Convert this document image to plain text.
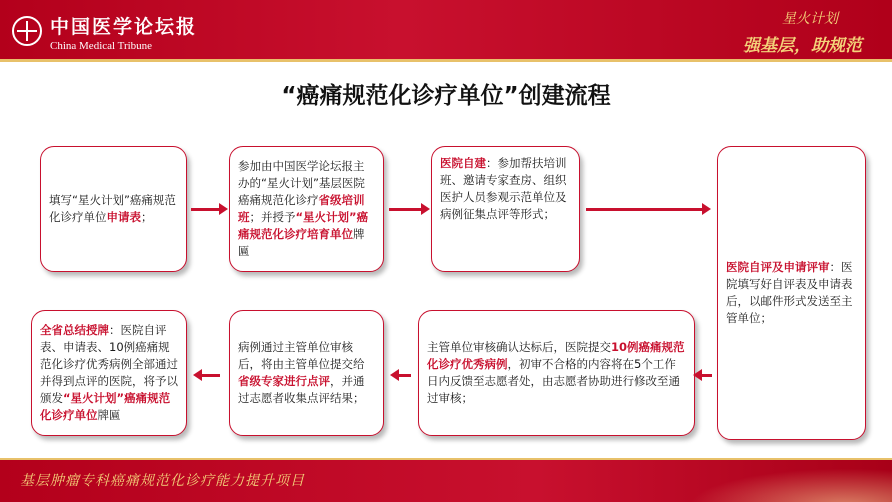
中国医学论坛报
China Medical Tribune
星火计划
强基层，助规范
“癌痛规范化诊疗单位”创建流程
填写“星火计划”癌痛规范化诊疗单位申请表；
参加由中国医学论坛报主办的“星火计划”基层医院癌痛规范化诊疗省级培训班；并授予“星火计划”癌痛规范化诊疗培育单位牌匾
医院自建：参加帮扶培训班、邀请专家查房、组织医护人员参观示范单位及病例征集点评等形式；
医院自评及申请评审：医院填写好自评表及申请表后，以邮件形式发送至主管单位；
主管单位审核确认达标后，医院提交10例癌痛规范化诊疗优秀病例，初审不合格的内容将在5个工作日内反馈至志愿者处，由志愿者协助进行修改至通过审核；
病例通过主管单位审核后，将由主管单位提交给省级专家进行点评，并通过志愿者收集点评结果；
全省总结授牌：医院自评表、申请表、10例癌痛规范化诊疗优秀病例全部通过并得到点评的医院，将予以颁发“星火计划”癌痛规范化诊疗单位牌匾
基层肿瘤专科癌痛规范化诊疗能力提升项目
